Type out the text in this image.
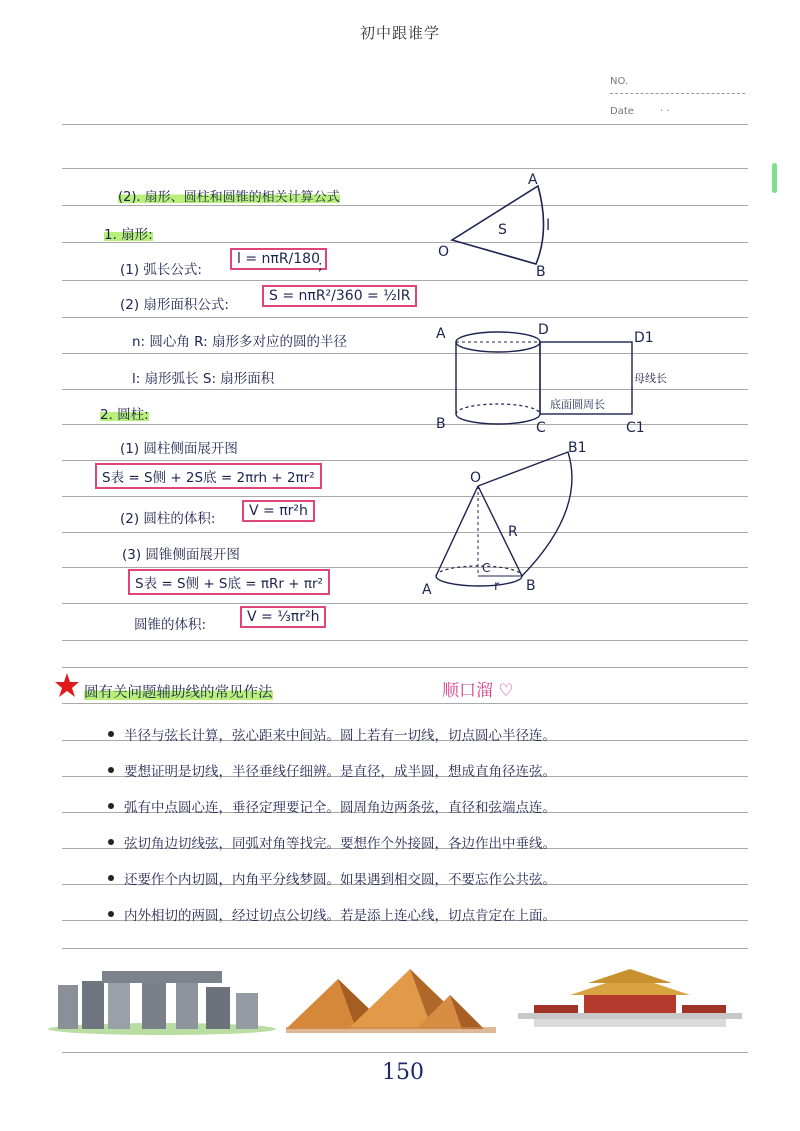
初中跟谁学
NO.
Date	· ·
(2). 扇形、圆柱和圆锥的相关计算公式
1. 扇形:
(1) 弧长公式:
l = nπR/180
;
(2) 扇形面积公式:
S = nπR²/360 = ½lR
n: 圆心角 R: 扇形多对应的圆的半径
l: 扇形弧长 S: 扇形面积
2. 圆柱:
(1) 圆柱侧面展开图
S表 = S侧 + 2S底 = 2πrh + 2πr²
(2) 圆柱的体积:	V = πr²h
(3) 圆锥侧面展开图
S表 = S侧 + S底 = πRr + πr²
圆锥的体积:	V = ⅓πr²h
O
A
B
S	l
A	D	D1
B	C	C1
底面圆周长
母线长
O
B1
R
C
r
A	B
圆有关问题辅助线的常见作法	顺口溜 ♡
半径与弦长计算，弦心距来中间站。圆上若有一切线，切点圆心半径连。
要想证明是切线，半径垂线仔细辨。是直径，成半圆，想成直角径连弦。
弧有中点圆心连，垂径定理要记全。圆周角边两条弦，直径和弦端点连。
弦切角边切线弦，同弧对角等找完。要想作个外接圆，各边作出中垂线。
还要作个内切圆，内角平分线梦圆。如果遇到相交圆，不要忘作公共弦。
内外相切的两圆，经过切点公切线。若是添上连心线，切点肯定在上面。
150
